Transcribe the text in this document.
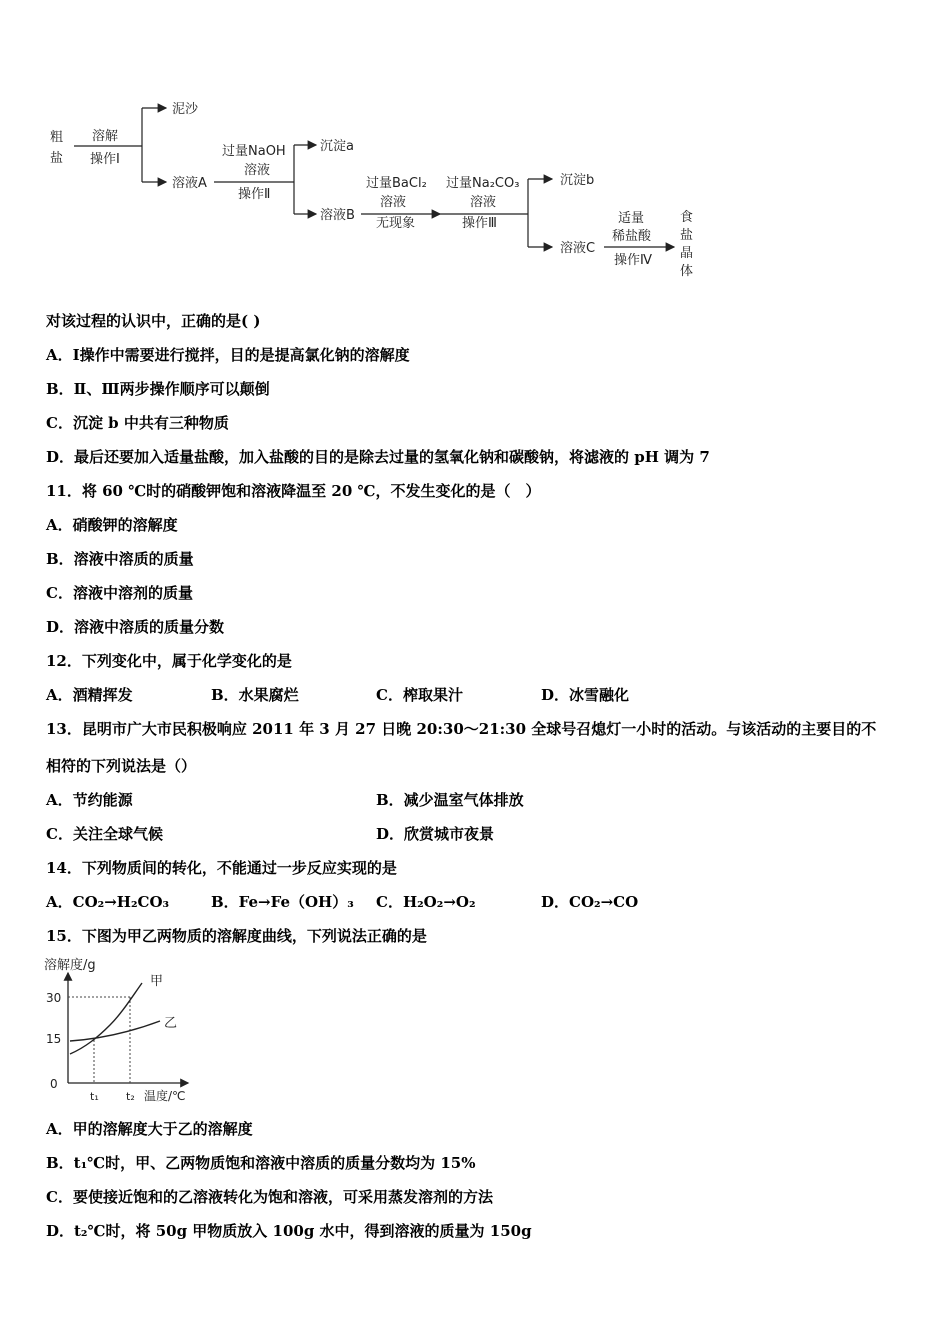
粗
盐
溶解
操作Ⅰ
泥沙
溶液A
过量NaOH
溶液
操作Ⅱ
沉淀a
溶液B
过量BaCl₂
溶液
无现象
过量Na₂CO₃
溶液
操作Ⅲ
沉淀b
溶液C
适量
稀盐酸
操作Ⅳ
食
盐
晶
体
对该过程的认识中，正确的是( )
A．Ⅰ操作中需要进行搅拌，目的是提高氯化钠的溶解度
B．Ⅱ、Ⅲ两步操作顺序可以颠倒
C．沉淀 b 中共有三种物质
D．最后还要加入适量盐酸，加入盐酸的目的是除去过量的氢氧化钠和碳酸钠，将滤液的 pH 调为 7
11．将 60 ℃时的硝酸钾饱和溶液降温至 20 ℃，不发生变化的是（　）
A．硝酸钾的溶解度
B．溶液中溶质的质量
C．溶液中溶剂的质量
D．溶液中溶质的质量分数
12．下列变化中，属于化学变化的是
A．酒精挥发	B．水果腐烂	C．榨取果汁	D．冰雪融化
13．昆明市广大市民积极响应 2011 年 3 月 27 日晚 20:30～21:30 全球号召熄灯一小时的活动。与该活动的主要目的不
相符的下列说法是（）
A．节约能源	B．减少温室气体排放
C．关注全球气候	D．欣赏城市夜景
14．下列物质间的转化，不能通过一步反应实现的是
A．CO₂→H₂CO₃	B．Fe→Fe（OH）₃ C．H₂O₂→O₂	D．CO₂→CO
15．下图为甲乙两物质的溶解度曲线，下列说法正确的是
溶解度/g
30
15
0
甲
乙
t₁ t₂ 温度/℃
A．甲的溶解度大于乙的溶解度
B．t₁℃时，甲、乙两物质饱和溶液中溶质的质量分数均为 15%
C．要使接近饱和的乙溶液转化为饱和溶液，可采用蒸发溶剂的方法
D．t₂℃时，将 50g 甲物质放入 100g 水中，得到溶液的质量为 150g
